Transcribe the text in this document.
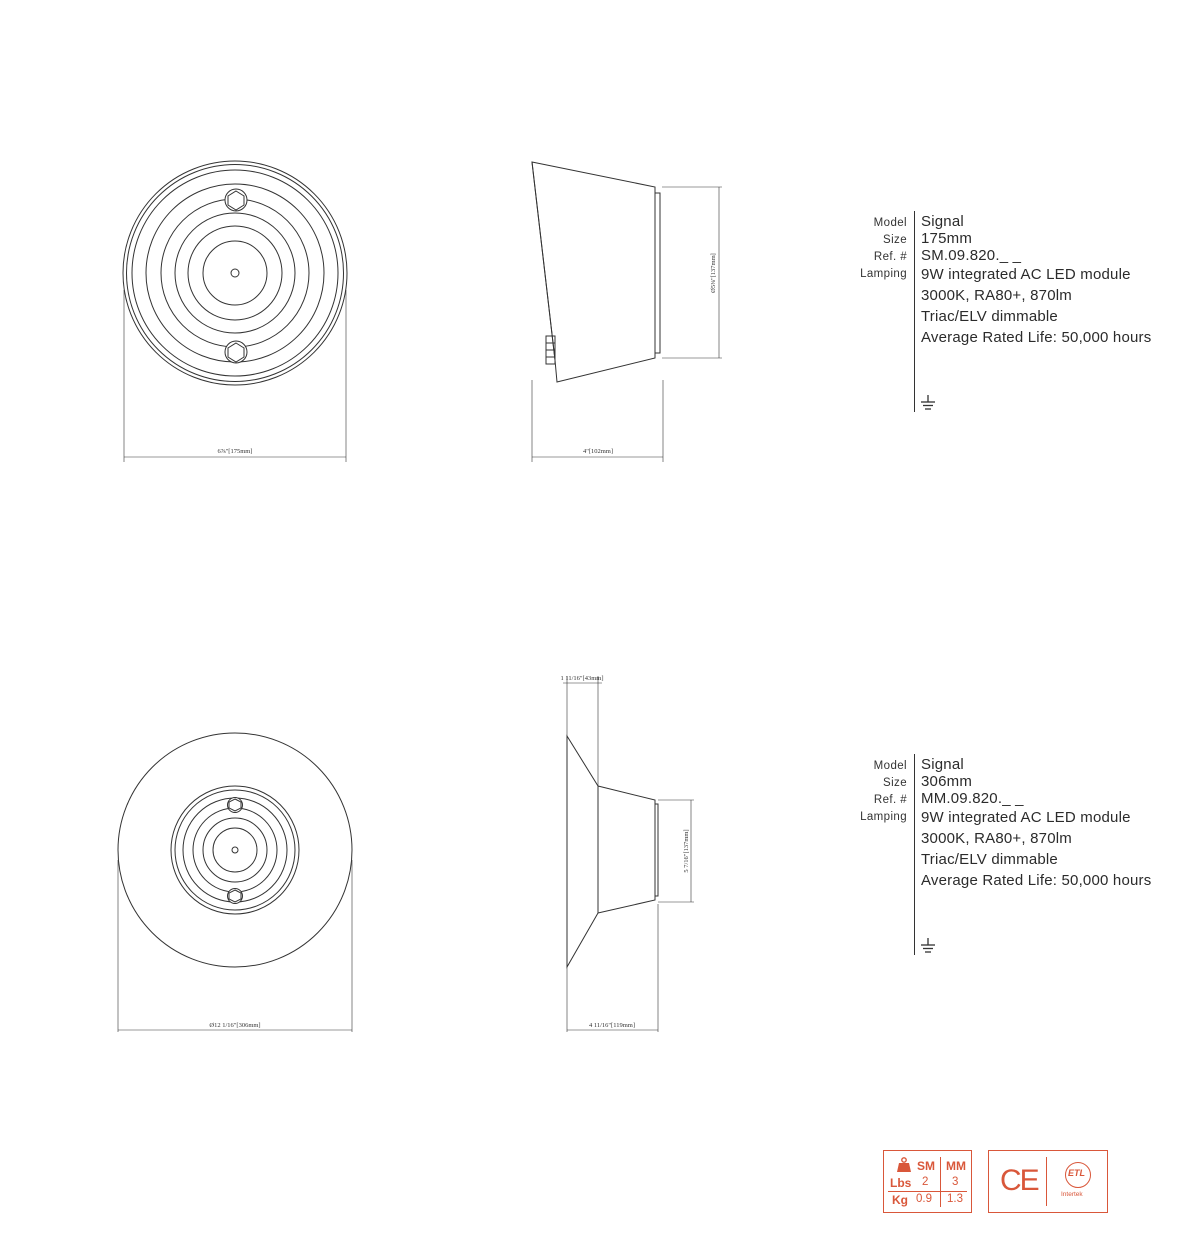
6⅞"[175mm]	4"[102mm]
Ø5⅜"[137mm]
Ø12 1/16"[306mm]
1 11/16"[43mm]
4 11/16"[119mm]
5 7/16"[137mm]
Model Signal
Size 175mm
Ref. # SM.09.820._ _
Lamping 9W integrated AC LED module
3000K, RA80+, 870lm
Triac/ELV dimmable
Average Rated Life: 50,000 hours
Model Signal
Size 306mm
Ref. # MM.09.820._ _
Lamping 9W integrated AC LED module
3000K, RA80+, 870lm
Triac/ELV dimmable
Average Rated Life: 50,000 hours
SM MM
Lbs 2 3
Kg 0.9 1.3
CE	ETL
Intertek
